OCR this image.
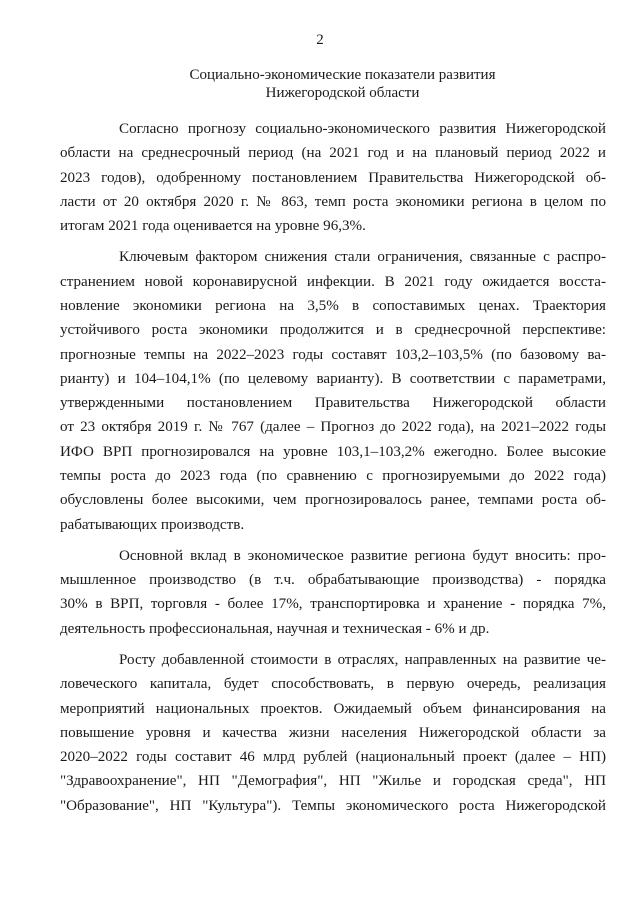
2
Социально-экономические показатели развития
Нижегородской области
Согласно прогнозу социально-экономического развития Нижегородской
области на среднесрочный период (на 2021 год и на плановый период 2022 и
2023 годов), одобренному постановлением Правительства Нижегородской об-
ласти от 20 октября 2020 г. № 863, темп роста экономики региона в целом по
итогам 2021 года оценивается на уровне 96,3%.
Ключевым фактором снижения стали ограничения, связанные с распро-
странением новой коронавирусной инфекции. В 2021 году ожидается восста-
новление экономики региона на 3,5% в сопоставимых ценах. Траектория
устойчивого роста экономики продолжится и в среднесрочной перспективе:
прогнозные темпы на 2022–2023 годы составят 103,2–103,5% (по базовому ва-
рианту) и 104–104,1% (по целевому варианту). В соответствии с параметрами,
утвержденными постановлением Правительства Нижегородской области
от 23 октября 2019 г. № 767 (далее – Прогноз до 2022 года), на 2021–2022 годы
ИФО ВРП прогнозировался на уровне 103,1–103,2% ежегодно. Более высокие
темпы роста до 2023 года (по сравнению с прогнозируемыми до 2022 года)
обусловлены более высокими, чем прогнозировалось ранее, темпами роста об-
рабатывающих производств.
Основной вклад в экономическое развитие региона будут вносить: про-
мышленное производство (в т.ч. обрабатывающие производства) - порядка
30% в ВРП, торговля - более 17%, транспортировка и хранение - порядка 7%,
деятельность профессиональная, научная и техническая - 6% и др.
Росту добавленной стоимости в отраслях, направленных на развитие че-
ловеческого капитала, будет способствовать, в первую очередь, реализация
мероприятий национальных проектов. Ожидаемый объем финансирования на
повышение уровня и качества жизни населения Нижегородской области за
2020–2022 годы составит 46 млрд рублей (национальный проект (далее – НП)
"Здравоохранение", НП "Демография", НП "Жилье и городская среда", НП
"Образование", НП "Культура"). Темпы экономического роста Нижегородской
